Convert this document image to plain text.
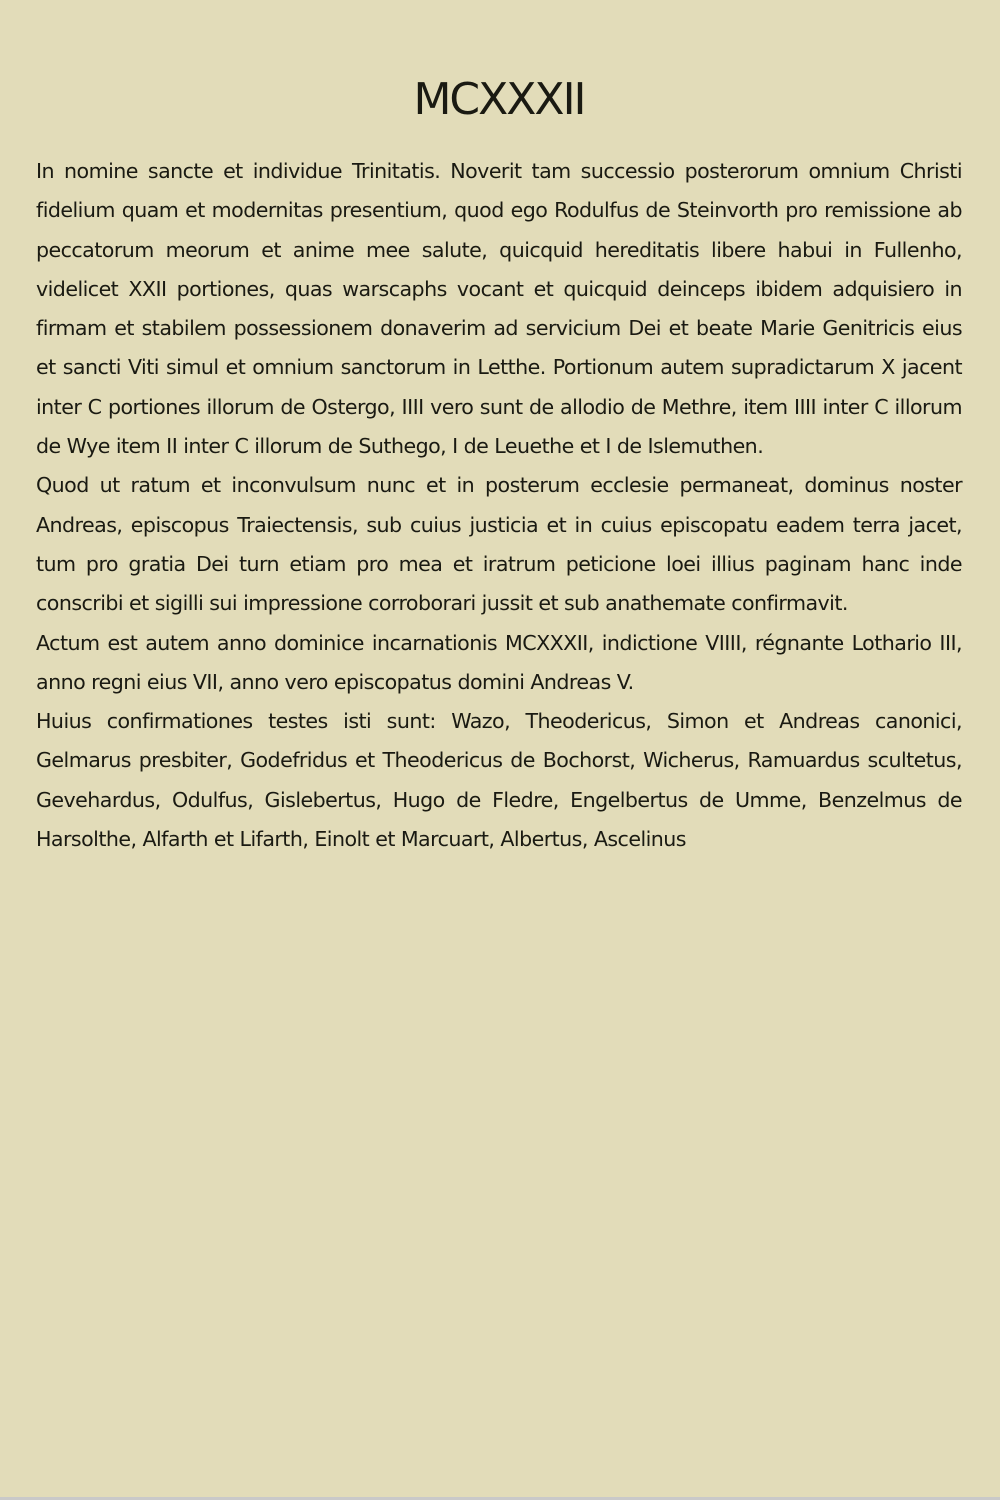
MCXXXII

In nomine sancte et individue Trinitatis. Noverit tam successio posterorum omnium Christi fidelium quam et modernitas presentium, quod ego Rodulfus de Steinvorth pro remissione ab peccatorum meorum et anime mee salute, quicquid hereditatis libere habui in Fullenho, videlicet XXII portiones, quas warscaphs vocant et quicquid deinceps ibidem adquisiero in firmam et stabilem possessionem donaverim ad servicium Dei et beate Marie Genitricis eius et sancti Viti simul et omnium sanctorum in Letthe. Portionum autem supradictarum X jacent inter C portiones illorum de Ostergo, IIII vero sunt de allodio de Methre, item IIII inter C illorum de Wye item II inter C illorum de Suthego, I de Leuethe et I de Islemuthen.

Quod ut ratum et inconvulsum nunc et in posterum ecclesie permaneat, dominus noster Andreas, episcopus Traiectensis, sub cuius justicia et in cuius episcopatu eadem terra jacet, tum pro gratia Dei turn etiam pro mea et iratrum peticione loei illius paginam hanc inde conscribi et sigilli sui impressione corroborari jussit et sub anathemate confirmavit.

Actum est autem anno dominice incarnationis MCXXXII, indictione VIIII, régnante Lothario III, anno regni eius VII, anno vero episcopatus domini Andreas V.

Huius confirmationes testes isti sunt: Wazo, Theodericus, Simon et Andreas canonici, Gelmarus presbiter, Godefridus et Theodericus de Bochorst, Wicherus, Ramuardus scultetus, Gevehardus, Odulfus, Gislebertus, Hugo de Fledre, Engelbertus de Umme, Benzelmus de Harsolthe, Alfarth et Lifarth, Einolt et Marcuart, Albertus, Ascelinus
